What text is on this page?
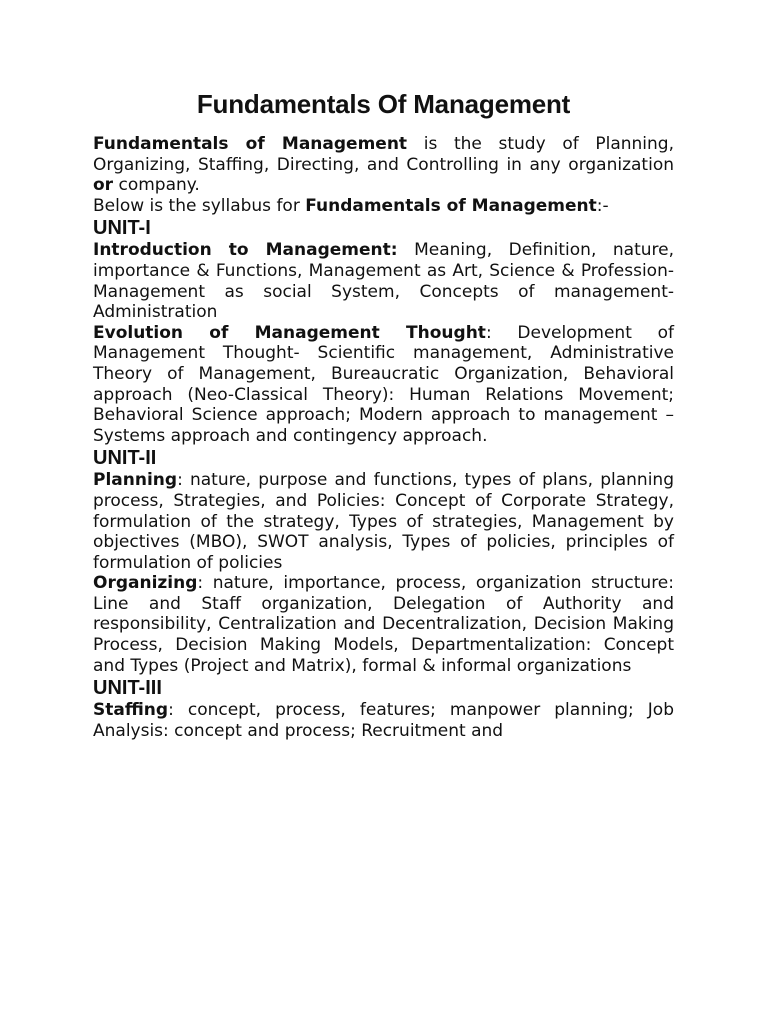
Fundamentals Of Management

Fundamentals of Management is the study of Planning, Organizing, Staffing, Directing, and Controlling in any organization or company.

Below is the syllabus for Fundamentals of Management:-

UNIT-I

Introduction to Management: Meaning, Definition, nature, importance & Functions, Management as Art, Science & Profession- Management as social System, Concepts of management-Administration

Evolution of Management Thought: Development of Management Thought- Scientific management, Administrative Theory of Management, Bureaucratic Organization, Behavioral approach (Neo-Classical Theory): Human Relations Movement; Behavioral Science approach; Modern approach to management – Systems approach and contingency approach.

UNIT-II

Planning: nature, purpose and functions, types of plans, planning process, Strategies, and Policies: Concept of Corporate Strategy, formulation of the strategy, Types of strategies, Management by objectives (MBO), SWOT analysis, Types of policies, principles of formulation of policies

Organizing: nature, importance, process, organization structure: Line and Staff organization, Delegation of Authority and responsibility, Centralization and Decentralization, Decision Making Process, Decision Making Models, Departmentalization: Concept and Types (Project and Matrix), formal & informal organizations

UNIT-III

Staffing: concept, process, features; manpower planning; Job Analysis: concept and process; Recruitment and
